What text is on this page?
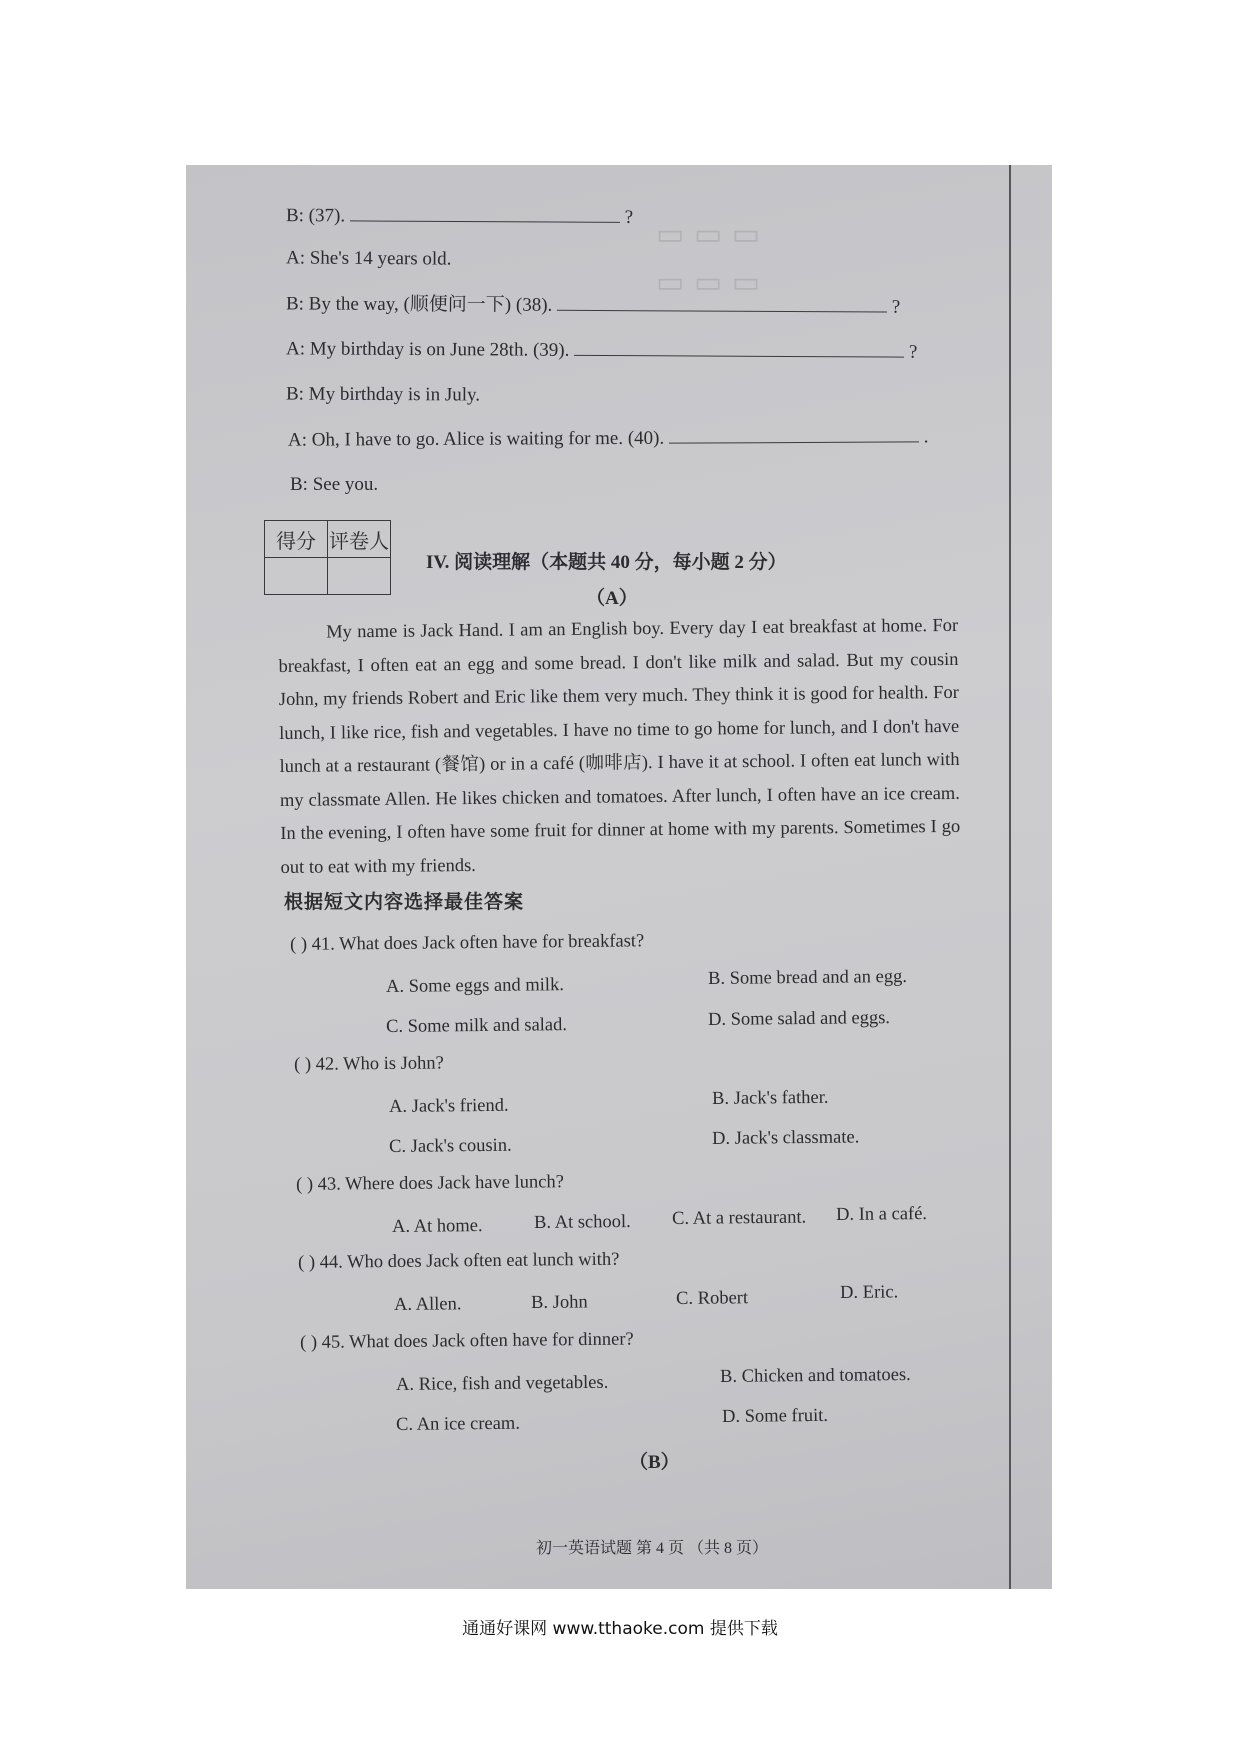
▭ ▭ ▭
▭ ▭ ▭
B: (37).	?
A: She's 14 years old.
B: By the way, (顺便问一下) (38).	?
A: My birthday is on June 28th. (39).	?
B: My birthday is in July.
A: Oh, I have to go. Alice is waiting for me. (40).	.
B: See you.
得分	评卷人

IV. 阅读理解（本题共 40 分，每小题 2 分）
（A）
My name is Jack Hand. I am an English boy. Every day I eat breakfast at home. For breakfast, I often eat an egg and some bread. I don't like milk and salad. But my cousin John, my friends Robert and Eric like them very much. They think it is good for health. For lunch, I like rice, fish and vegetables. I have no time to go home for lunch, and I don't have lunch at a restaurant (餐馆) or in a café (咖啡店). I have it at school. I often eat lunch with my classmate Allen. He likes chicken and tomatoes. After lunch, I often have an ice cream. In the evening, I often have some fruit for dinner at home with my parents. Sometimes I go out to eat with my friends.
根据短文内容选择最佳答案
( ) 41. What does Jack often have for breakfast?
A. Some eggs and milk.	B. Some bread and an egg.
C. Some milk and salad.	D. Some salad and eggs.
( ) 42. Who is John?
A. Jack's friend.	B. Jack's father.
C. Jack's cousin.	D. Jack's classmate.
( ) 43. Where does Jack have lunch?
A. At home.	B. At school. C. At a restaurant. D. In a café.
( ) 44. Who does Jack often eat lunch with?
A. Allen.	B. John	C. Robert	D. Eric.
( ) 45. What does Jack often have for dinner?
A. Rice, fish and vegetables.	B. Chicken and tomatoes.
C. An ice cream.	D. Some fruit.
（B）
初一英语试题 第 4 页 （共 8 页）
通通好课网 www.tthaoke.com 提供下载
